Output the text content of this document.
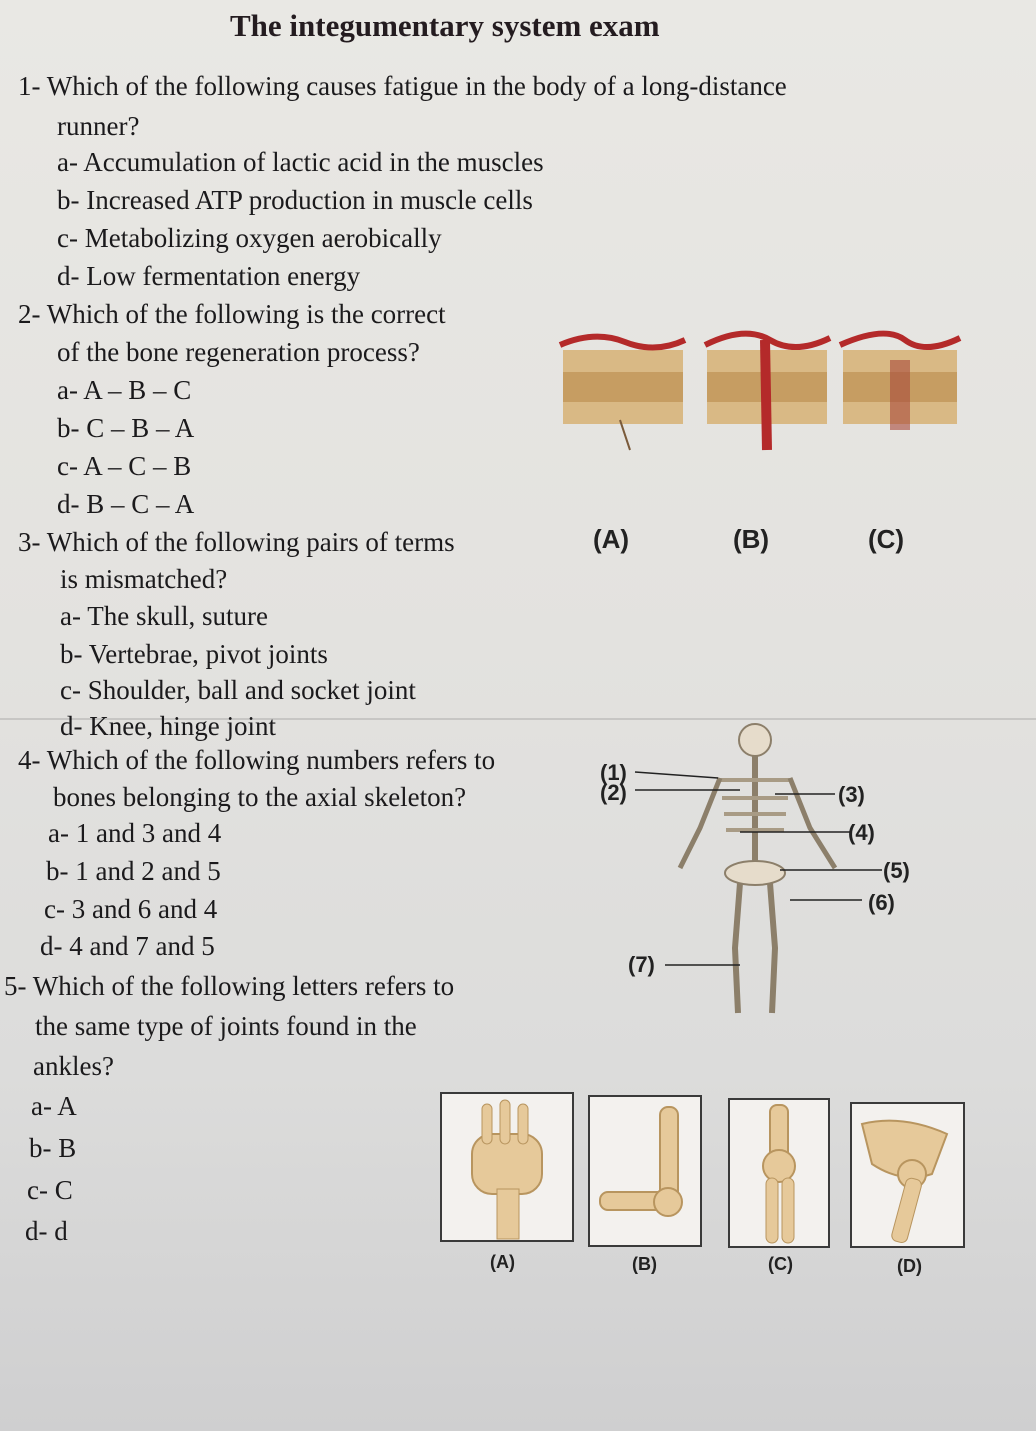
The integumentary system exam
1- Which of the following causes fatigue in the body of a long-distance
runner?
a- Accumulation of lactic acid in the muscles
b- Increased ATP production in muscle cells
c- Metabolizing oxygen aerobically
d- Low fermentation energy
2- Which of the following is the correct
of the bone regeneration process?
a- A – B – C
b- C – B – A
c- A – C – B
d- B – C – A
(A)	(B)	(C)
3- Which of the following pairs of terms
is mismatched?
a- The skull, suture
b- Vertebrae, pivot joints
c- Shoulder, ball and socket joint
d- Knee, hinge joint
4- Which of the following numbers refers to
bones belonging to the axial skeleton?
a- 1 and 3 and 4
b- 1 and 2 and 5
c- 3 and 6 and 4
d- 4 and 7 and 5
(1)
(2)	(3)
(4)
(5)
(6)
(7)
5- Which of the following letters refers to
the same type of joints found in the
ankles?
a- A
b- B
c- C
d- d
(A)	(B)	(C)	(D)
